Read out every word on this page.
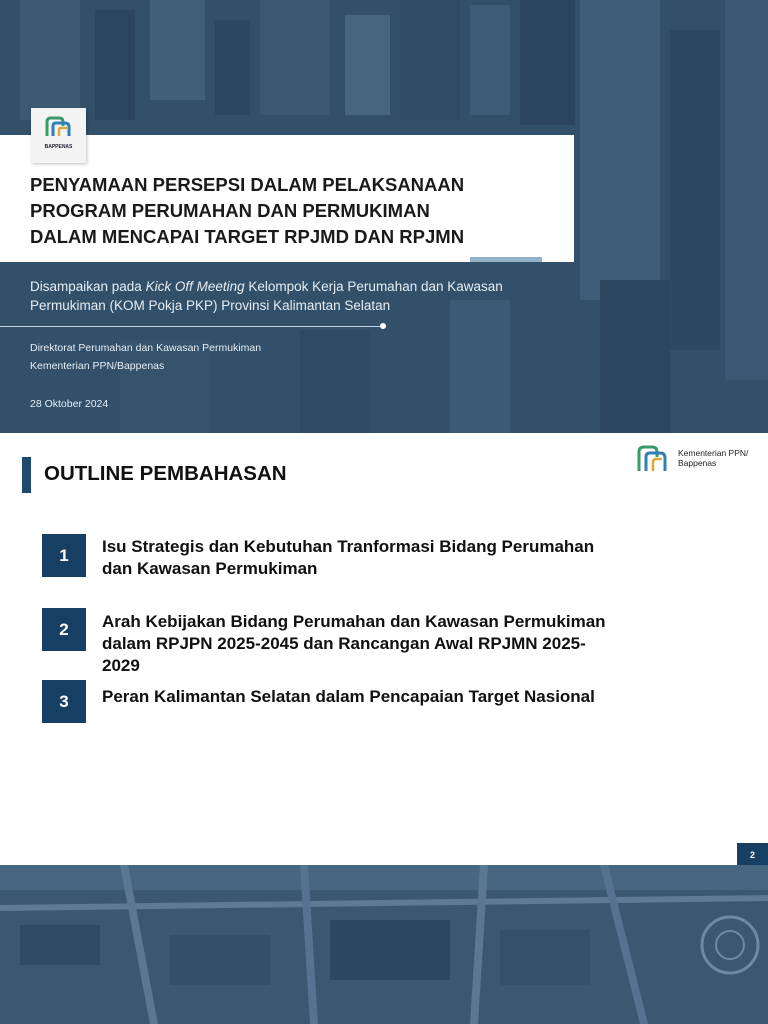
BAPPENAS
PENYAMAAN PERSEPSI DALAM PELAKSANAAN
PROGRAM PERUMAHAN DAN PERMUKIMAN
DALAM MENCAPAI TARGET RPJMD DAN RPJMN
Disampaikan pada Kick Off Meeting Kelompok Kerja Perumahan dan Kawasan
Permukiman (KOM Pokja PKP) Provinsi Kalimantan Selatan
Direktorat Perumahan dan Kawasan Permukiman
Kementerian PPN/Bappenas
28 Oktober 2024
OUTLINE PEMBAHASAN
Kementerian PPN/
Bappenas
1	Isu Strategis dan Kebutuhan Tranformasi Bidang Perumahan
dan Kawasan Permukiman
2	Arah Kebijakan Bidang Perumahan dan Kawasan Permukiman
dalam RPJPN 2025-2045 dan Rancangan Awal RPJMN 2025-
2029
3	Peran Kalimantan Selatan dalam Pencapaian Target Nasional
2
